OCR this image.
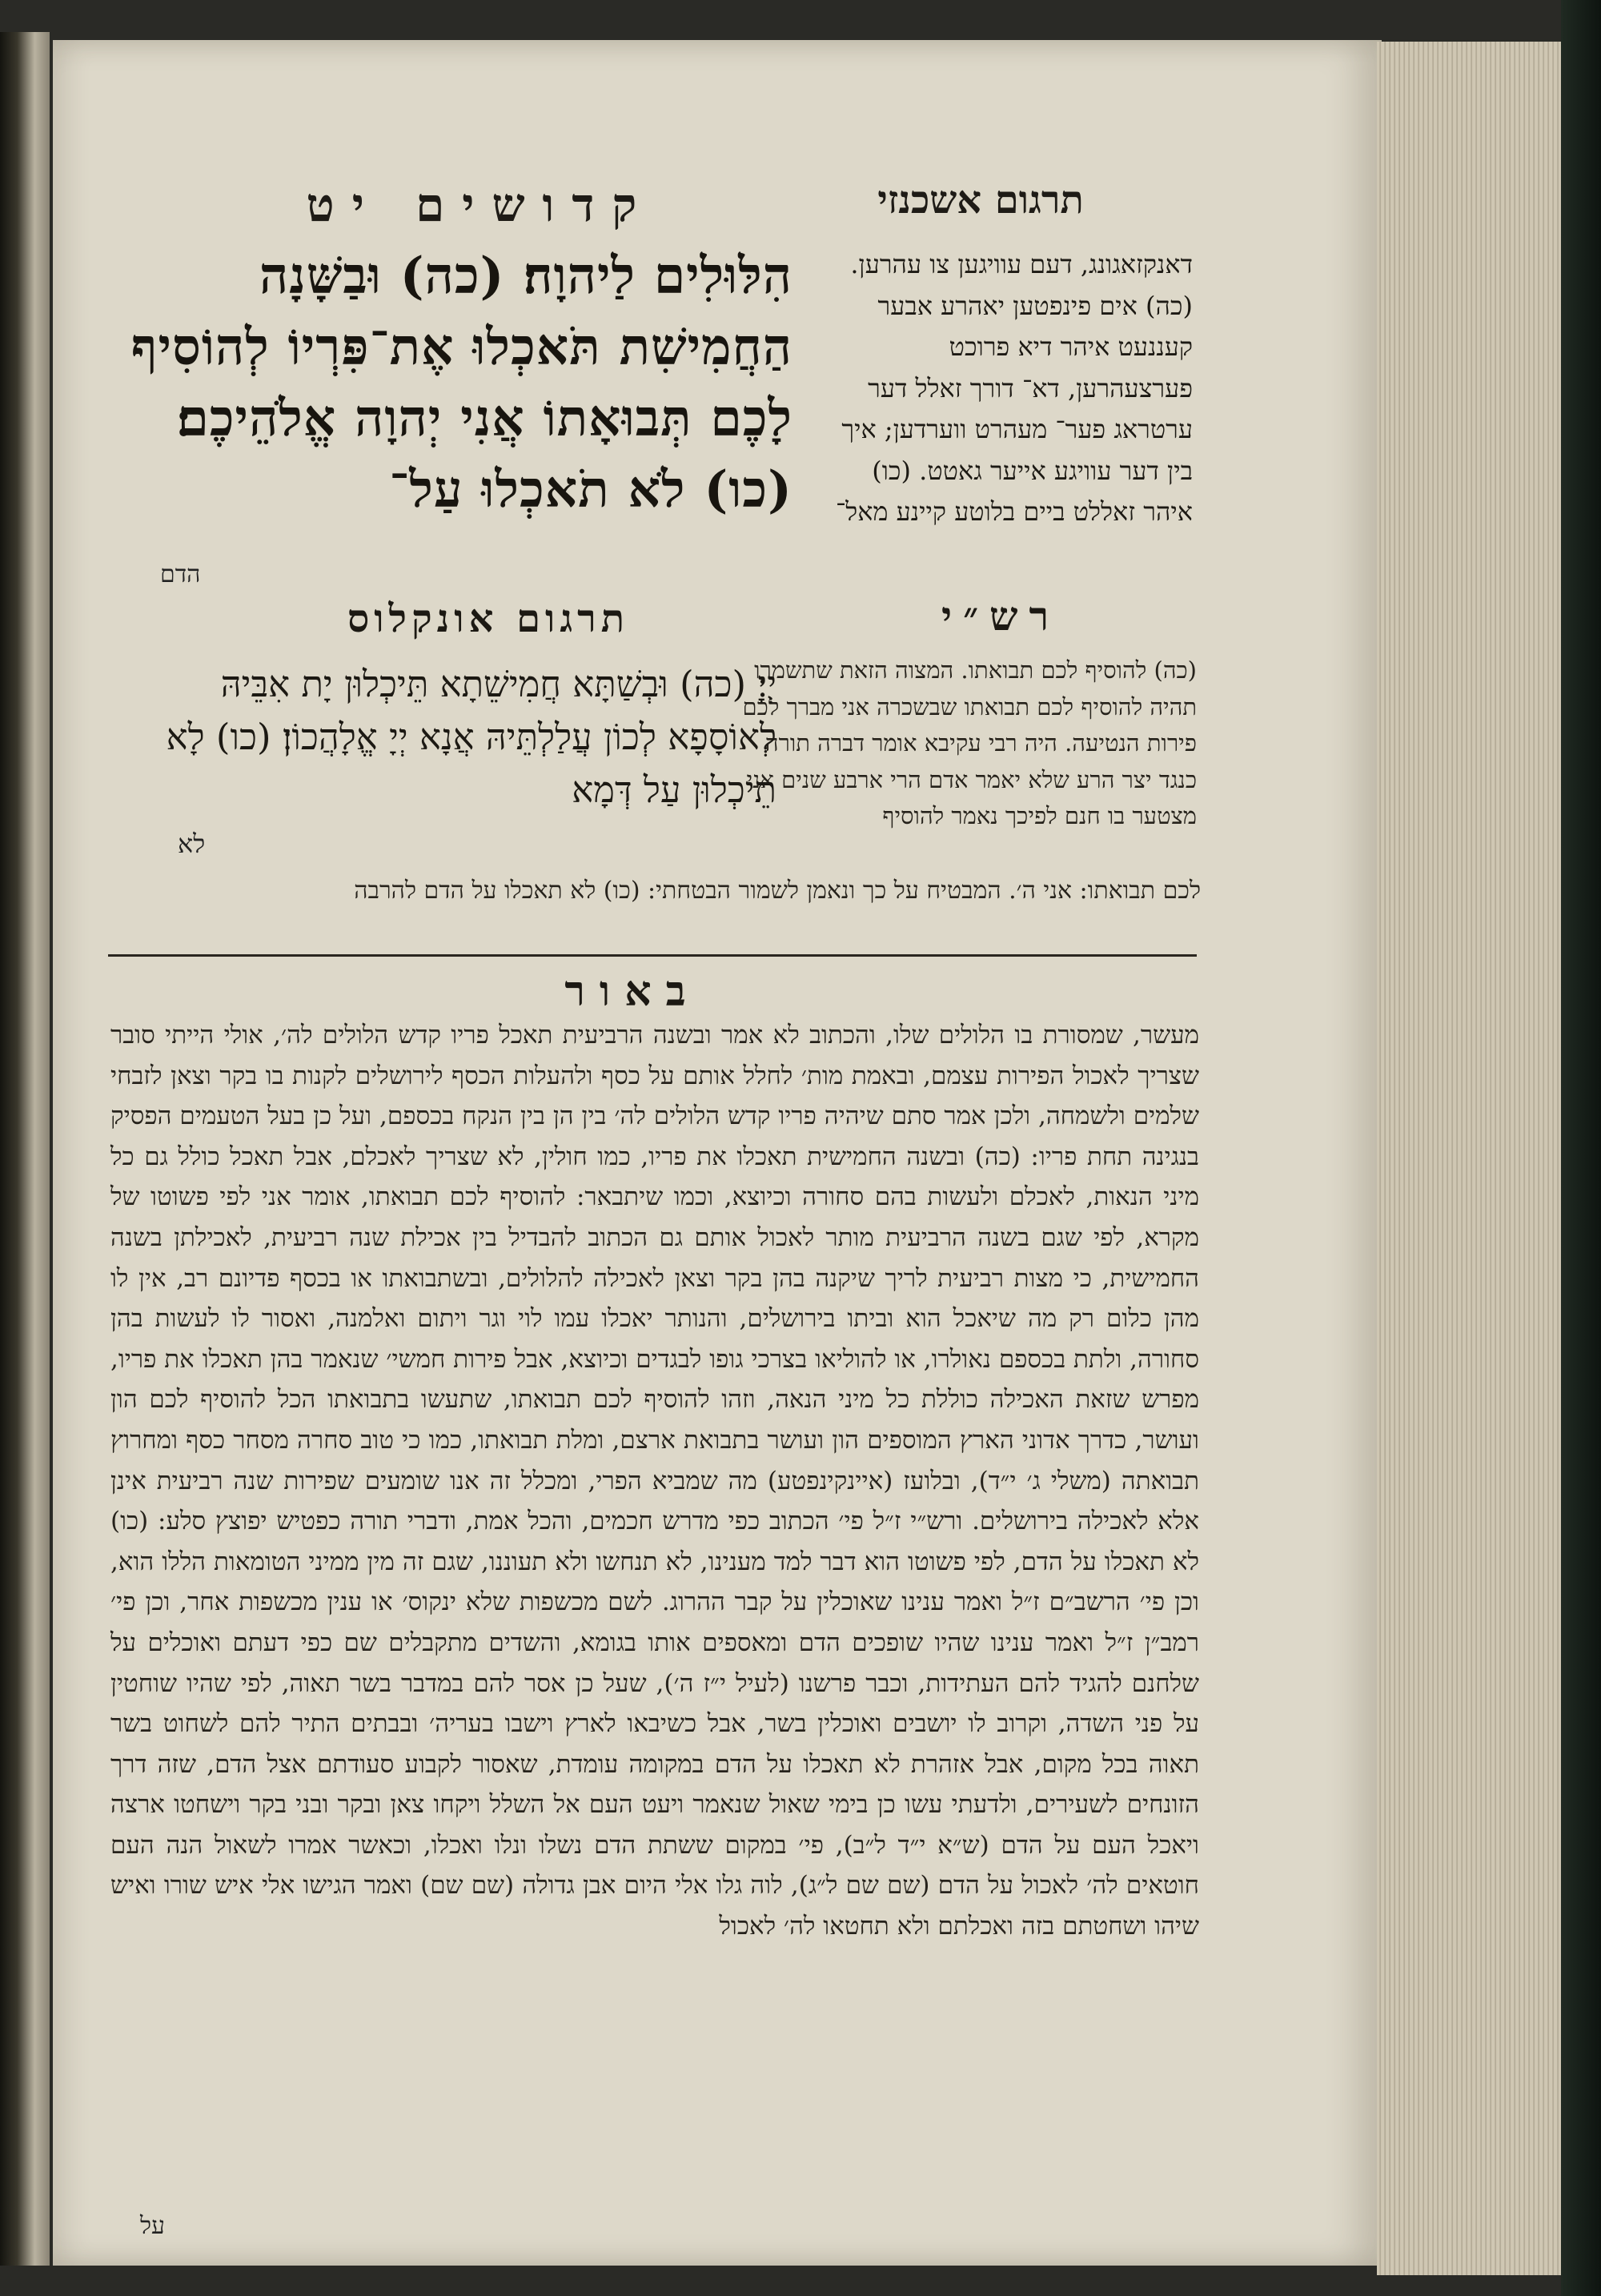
תרגום אשכנזי
קדושים יט
הִלּוּלִים לַיהוָה׃ (כה) וּבַשָּׁנָה הַחֲמִישִׁת תֹּאכְלוּ אֶת־פִּרְיוֹ לְהוֹסִיף לָכֶם תְּבוּאָתוֹ אֲנִי יְהוָה אֱלֹהֵיכֶם׃ (כו) לֹא תֹאכְלוּ עַל־
הדם
דאנקזאגונג, דעם עוויגען צו עהרען. (כה) אים פינפטען יאהרע אבער קעננעט איהר דיא פרוכט פערצעהרען, דא־ דורך זאלל דער ערטראג פער־ מעהרט ווערדען; איך בין דער עוויגע אייער גאטט. (כו) איהר זאללט ביים בלוטע קיינע מאל־
רש״י
(כה) להוסיף לכם תבואתו. המצוה הזאת שתשמרו תהיה להוסיף לכם תבואתו שבשכרה אני מברך לכם פירות הנטיעה. היה רבי עקיבא אומר דברה תורה כנגד יצר הרע שלא יאמר אדם הרי ארבע שנים אני מצטער בו חנם לפיכך נאמר להוסיף
תרגום אונקלוס
יְיָ׃ (כה) וּבְשַׁתָּא חֲמִישֵׁתָא תֵּיכְלוּן יָת אִבֵּיהּ לְאוֹסָפָא לְכוֹן עֲלַלְתֵּיהּ אֲנָא יְיָ אֱלָהֲכוֹן׃ (כו) לָא תֵיכְלוּן עַל דְּמָא
לא
לכם תבואתו: אני ה׳. המבטיח על כך ונאמן לשמור הבטחתי: (כו) לא תאכלו על הדם להרבה
באור
מעשר, שמסורת בו הלולים שלו, והכתוב לא אמר ובשנה הרביעית תאכל פריו קדש הלולים לה׳, אולי הייתי סובר שצריך לאכול הפירות עצמם, ובאמת מות׳ לחלל אותם על כסף ולהעלות הכסף לירושלים לקנות בו בקר וצאן לזבחי שלמים ולשמחה, ולכן אמר סתם שיהיה פריו קדש הלולים לה׳ בין הן בין הנקח בכספם, ועל כן בעל הטעמים הפסיק בנגינה תחת פריו: (כה) ובשנה החמישית תאכלו את פריו, כמו חולין, לא שצריך לאכלם, אבל תאכל כולל גם כל מיני הנאות, לאכלם ולעשות בהם סחורה וכיוצא, וכמו שיתבאר: להוסיף לכם תבואתו, אומר אני לפי פשוטו של מקרא, לפי שגם בשנה הרביעית מותר לאכול אותם גם הכתוב להבדיל בין אכילת שנה רביעית, לאכילתן בשנה החמישית, כי מצות רביעית לריך שיקנה בהן בקר וצאן לאכילה להלולים, ובשתבואתו או בכסף פדיונם רב, אין לו מהן כלום רק מה שיאכל הוא וביתו בירושלים, והנותר יאכלו עמו לוי וגר ויתום ואלמנה, ואסור לו לעשות בהן סחורה, ולתת בכספם נאולרו, או להוליאו בצרכי גופו לבגדים וכיוצא, אבל פירות חמשי׳ שנאמר בהן תאכלו את פריו, מפרש שזאת האכילה כוללת כל מיני הנאה, וזהו להוסיף לכם תבואתו, שתעשו בתבואתו הכל להוסיף לכם הון ועושר, כדרך אדוני הארץ המוספים הון ועושר בתבואת ארצם, ומלת תבואתו, כמו כי טוב סחרה מסחר כסף ומחרוץ תבואתה (משלי ג׳ י״ד), ובלועז (איינקינפטע) מה שמביא הפרי, ומכלל זה אנו שומעים שפירות שנה רביעית אינן אלא לאכילה בירושלים. ורש״י ז״ל פי׳ הכתוב כפי מדרש חכמים, והכל אמת, ודברי תורה כפטיש יפוצץ סלע: (כו) לא תאכלו על הדם, לפי פשוטו הוא דבר למד מענינו, לא תנחשו ולא תעוננו, שגם זה מין ממיני הטומאות הללו הוא, וכן פי׳ הרשב״ם ז״ל ואמר ענינו שאוכלין על קבר ההרוג. לשם מכשפות שלא ינקוס׳ או ענין מכשפות אחר, וכן פי׳ רמב״ן ז״ל ואמר ענינו שהיו שופכים הדם ומאספים אותו בגומא, והשדים מתקבלים שם כפי דעתם ואוכלים על שלחנם להגיד להם העתידות, וכבר פרשנו (לעיל י״ז ה׳), שעל כן אסר להם במדבר בשר תאוה, לפי שהיו שוחטין על פני השדה, וקרוב לו יושבים ואוכלין בשר, אבל כשיבאו לארץ וישבו בעריה׳ ובבתים התיר להם לשחוט בשר תאוה בכל מקום, אבל אזהרת לא תאכלו על הדם במקומה עומדת, שאסור לקבוע סעודתם אצל הדם, שזה דרך הזונחים לשעירים, ולדעתי עשו כן בימי שאול שנאמר ויעט העם אל השלל ויקחו צאן ובקר ובני בקר וישחטו ארצה ויאכל העם על הדם (ש״א י״ד ל״ב), פי׳ במקום ששתת הדם נשלו ונלו ואכלו, וכאשר אמרו לשאול הנה העם חוטאים לה׳ לאכול על הדם (שם שם ל״ג), לוה גלו אלי היום אבן גדולה (שם שם) ואמר הגישו אלי איש שורו ואיש שיהו ושחטתם בזה ואכלתם ולא תחטאו לה׳ לאכול
על
